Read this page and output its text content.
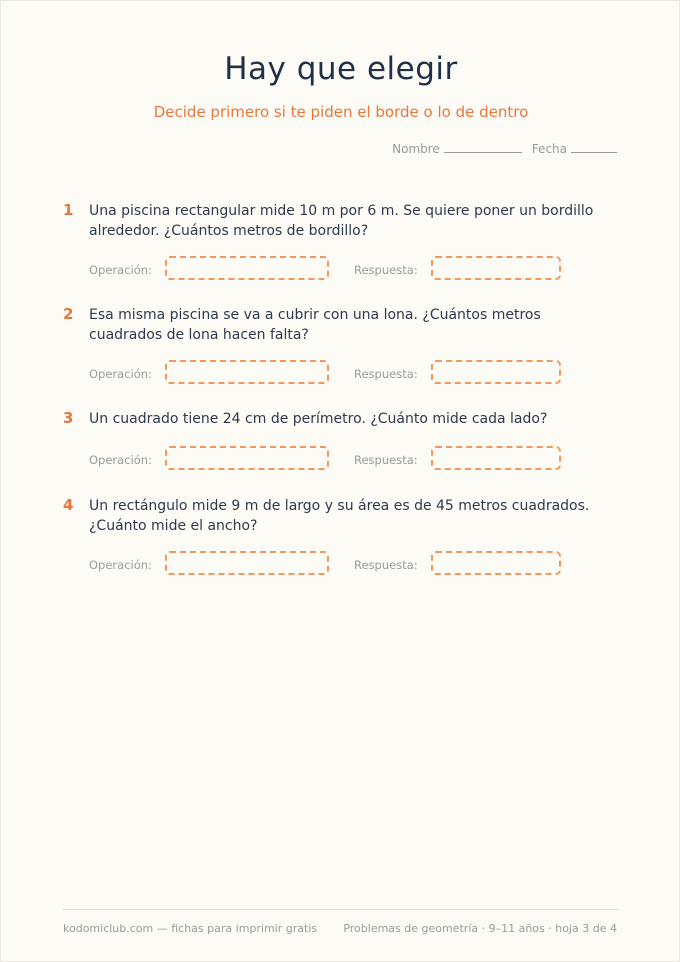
Hay que elegir
Decide primero si te piden el borde o lo de dentro
Nombre	Fecha
1 Una piscina rectangular mide 10 m por 6 m. Se quiere poner un bordillo alrededor. ¿Cuántos metros de bordillo?
Operación:	Respuesta:
2 Esa misma piscina se va a cubrir con una lona. ¿Cuántos metros cuadrados de lona hacen falta?
Operación:	Respuesta:
3 Un cuadrado tiene 24 cm de perímetro. ¿Cuánto mide cada lado?
Operación:	Respuesta:
4 Un rectángulo mide 9 m de largo y su área es de 45 metros cuadrados. ¿Cuánto mide el ancho?
Operación:	Respuesta:
kodomiclub.com — fichas para imprimir gratis Problemas de geometría · 9–11 años · hoja 3 de 4
